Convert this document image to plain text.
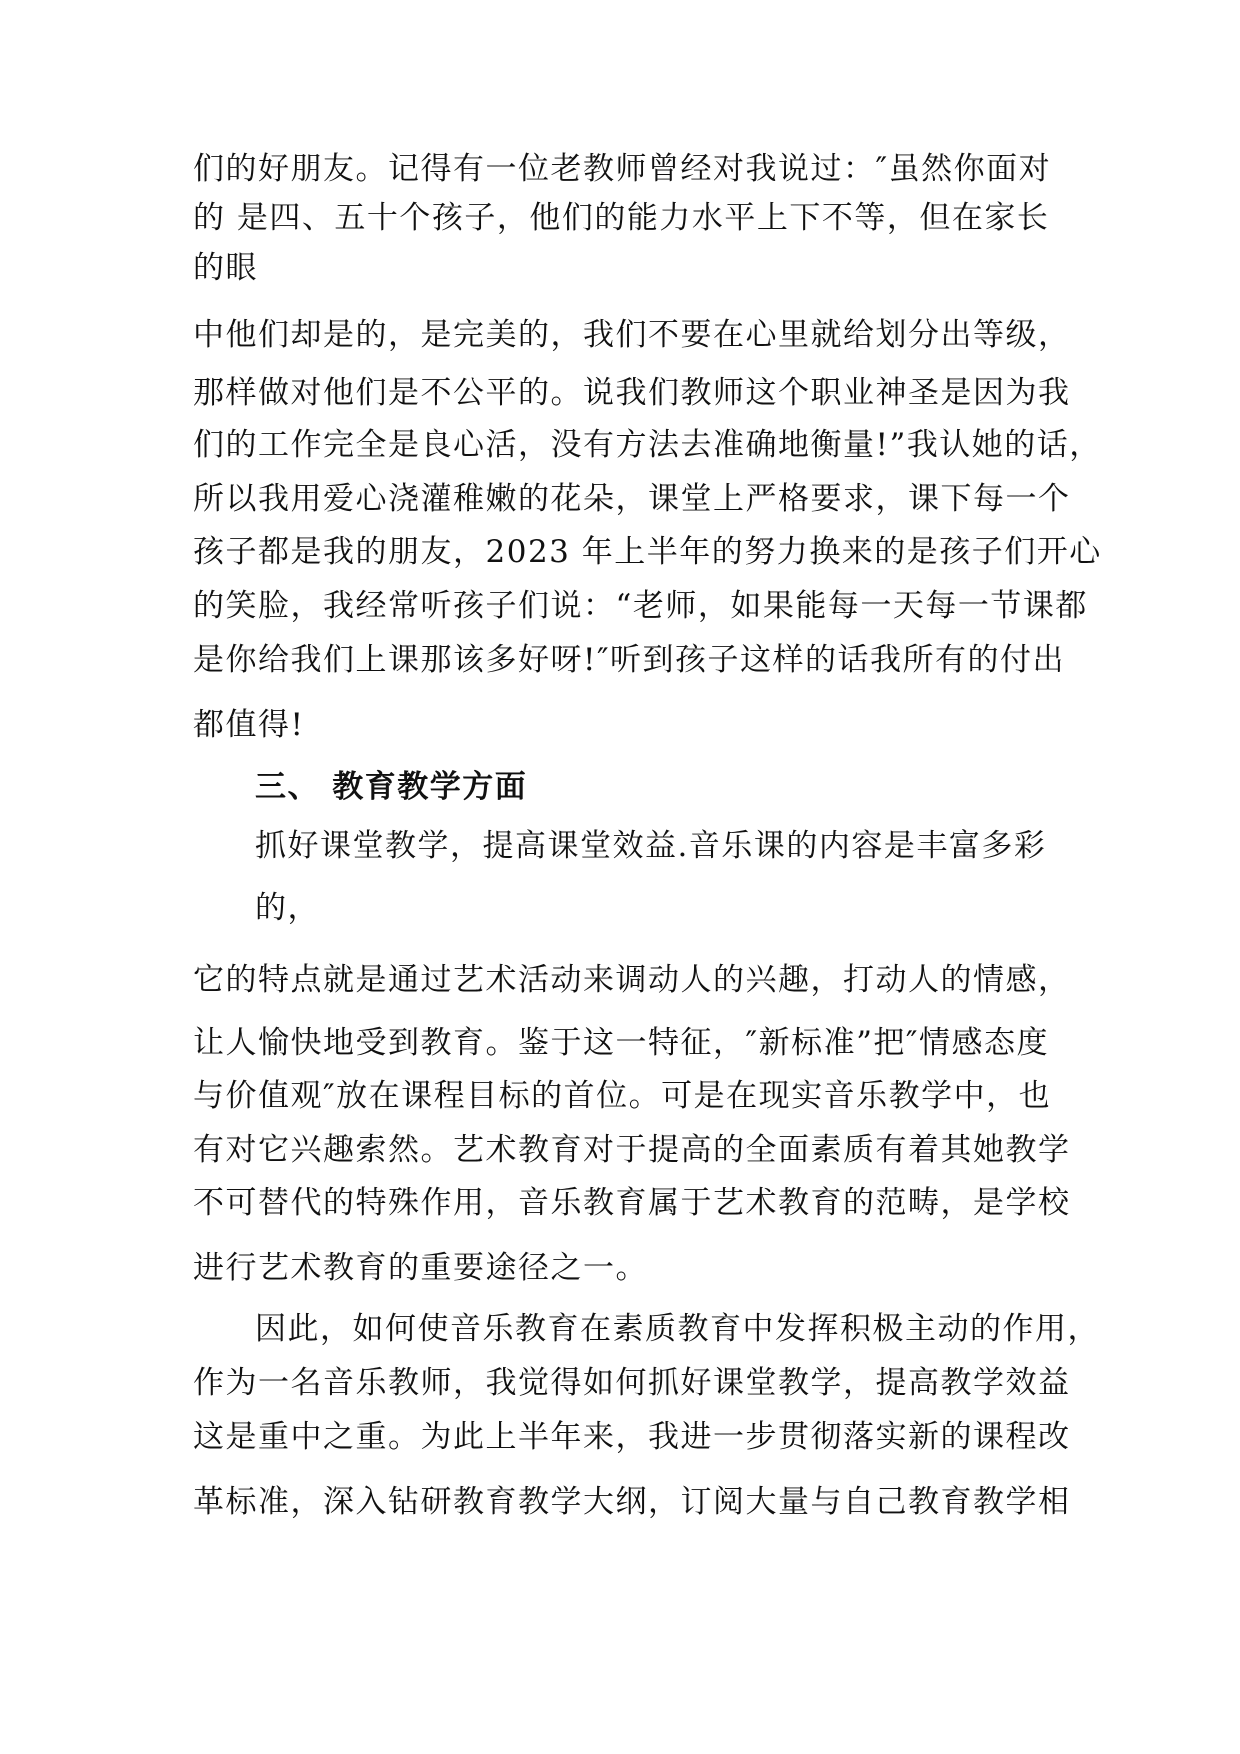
们的好朋友。记得有一位老教师曾经对我说过：″虽然你面对
的 是四、五十个孩子，他们的能力水平上下不等，但在家长
的眼
中他们却是的，是完美的，我们不要在心里就给划分出等级，
那样做对他们是不公平的。说我们教师这个职业神圣是因为我
们的工作完全是良心活，没有方法去准确地衡量!”我认她的话，
所以我用爱心浇灌稚嫩的花朵，课堂上严格要求，课下每一个
孩子都是我的朋友，2023 年上半年的努力换来的是孩子们开心
的笑脸，我经常听孩子们说：“老师，如果能每一天每一节课都
是你给我们上课那该多好呀!″听到孩子这样的话我所有的付出
都值得!
三、 教育教学方面
抓好课堂教学，提高课堂效益.音乐课的内容是丰富多彩
的，
它的特点就是通过艺术活动来调动人的兴趣，打动人的情感，
让人愉快地受到教育。鉴于这一特征，″新标准”把″情感态度
与价值观″放在课程目标的首位。可是在现实音乐教学中，也
有对它兴趣索然。艺术教育对于提高的全面素质有着其她教学
不可替代的特殊作用，音乐教育属于艺术教育的范畴，是学校
进行艺术教育的重要途径之一。
因此，如何使音乐教育在素质教育中发挥积极主动的作用，
作为一名音乐教师，我觉得如何抓好课堂教学，提高教学效益
这是重中之重。为此上半年来，我进一步贯彻落实新的课程改
革标准，深入钻研教育教学大纲，订阅大量与自己教育教学相
